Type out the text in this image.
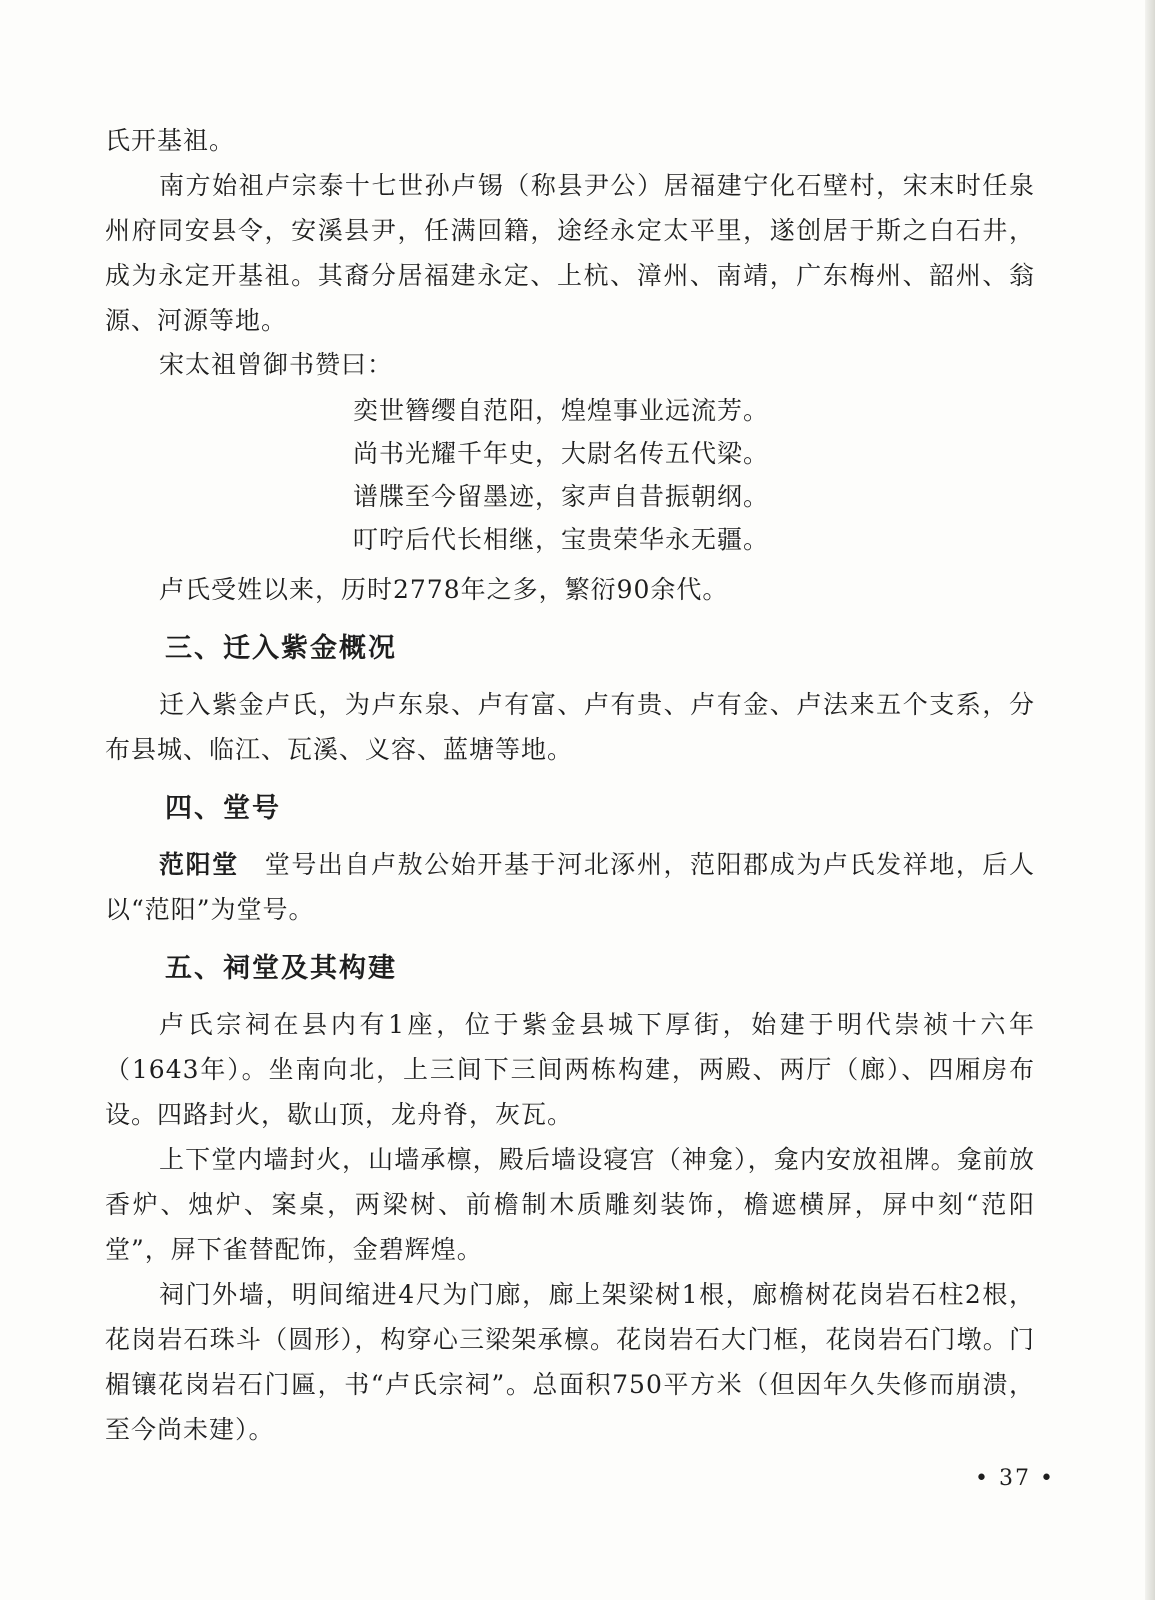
氏开基祖。

南方始祖卢宗泰十七世孙卢锡（称县尹公）居福建宁化石壁村，宋末时任泉州府同安县令，安溪县尹，任满回籍，途经永定太平里，遂创居于斯之白石井，成为永定开基祖。其裔分居福建永定、上杭、漳州、南靖，广东梅州、韶州、翁源、河源等地。

宋太祖曾御书赞曰：

奕世簪缨自范阳，煌煌事业远流芳。
尚书光耀千年史，大尉名传五代梁。
谱牒至今留墨迹，家声自昔振朝纲。
叮咛后代长相继，宝贵荣华永无疆。

卢氏受姓以来，历时2778年之多，繁衍90余代。

三、迁入紫金概况

迁入紫金卢氏，为卢东泉、卢有富、卢有贵、卢有金、卢法来五个支系，分布县城、临江、瓦溪、义容、蓝塘等地。

四、堂号

范阳堂 堂号出自卢敖公始开基于河北涿州，范阳郡成为卢氏发祥地，后人以“范阳”为堂号。

五、祠堂及其构建

卢氏宗祠在县内有1座，位于紫金县城下厚街，始建于明代崇祯十六年（1643年）。坐南向北，上三间下三间两栋构建，两殿、两厅（廊）、四厢房布设。四路封火，歇山顶，龙舟脊，灰瓦。

上下堂内墙封火，山墙承檩，殿后墙设寝宫（神龛），龛内安放祖牌。龛前放香炉、烛炉、案桌，两梁树、前檐制木质雕刻装饰，檐遮横屏，屏中刻“范阳堂”，屏下雀替配饰，金碧辉煌。

祠门外墙，明间缩进4尺为门廊，廊上架梁树1根，廊檐树花岗岩石柱2根，花岗岩石珠斗（圆形），构穿心三梁架承檩。花岗岩石大门框，花岗岩石门墩。门楣镶花岗岩石门匾，书“卢氏宗祠”。总面积750平方米（但因年久失修而崩溃，至今尚未建）。

• 37 •
